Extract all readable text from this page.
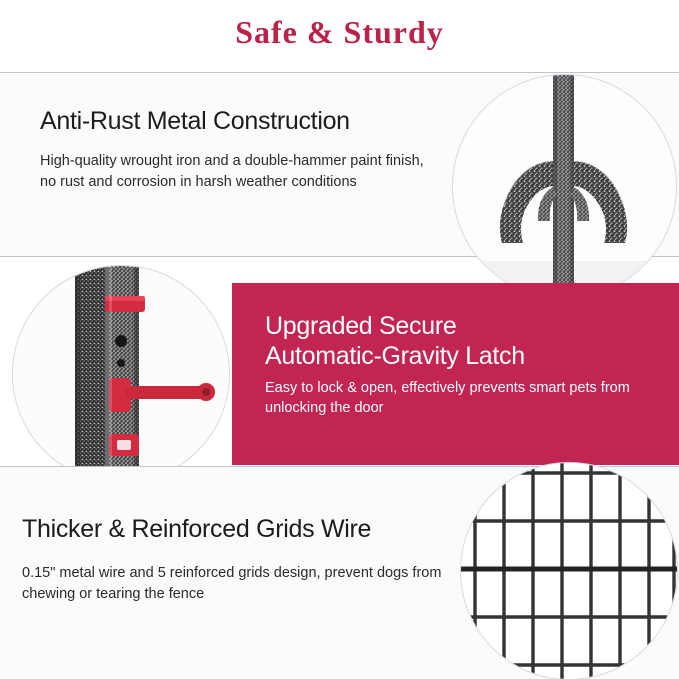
Safe & Sturdy
Anti-Rust Metal Construction
High-quality wrought iron and a double-hammer paint finish, no rust and corrosion in harsh weather conditions
Upgraded Secure
Automatic-Gravity Latch
Easy to lock & open, effectively prevents smart pets from unlocking the door
Thicker & Reinforced Grids Wire
0.15" metal wire and 5 reinforced grids design, prevent dogs from chewing or tearing the fence
